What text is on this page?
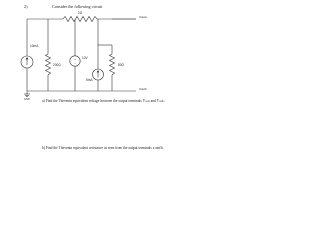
2)	Consider the following circuit
2Ω
10mA
200Ω
+
−
10V
5mA
50Ω
Vouta
Voutb
GND	a) Find the Thevenin equivalent voltage between the output terminals Vouta and Voutb.
b) Find the Thevenin equivalent resistance as seen from the output terminals a and b.
